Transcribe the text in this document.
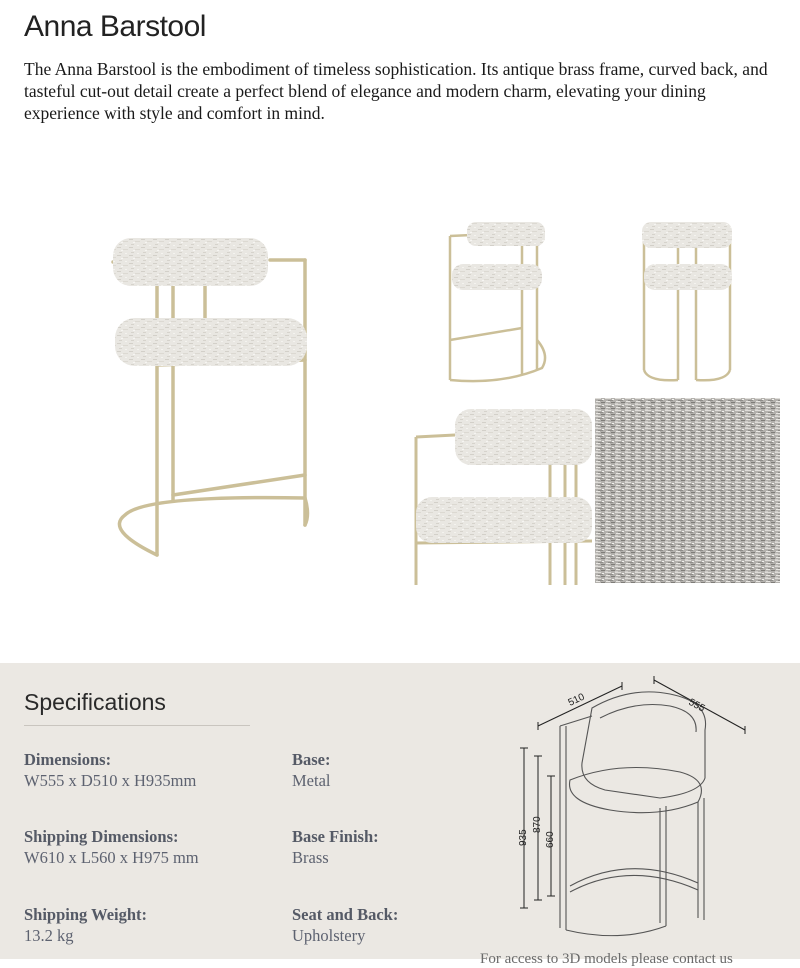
Anna Barstool

The Anna Barstool is the embodiment of timeless sophistication. Its antique brass frame, curved back, and tasteful cut-out detail create a perfect blend of elegance and modern charm, elevating your dining experience with style and comfort in mind.

Specifications
Dimensions:
W555 x D510 x H935mm
Base:
Metal
Shipping Dimensions:
W610 x L560 x H975 mm
Base Finish:
Brass
Shipping Weight:
13.2 kg
Seat and Back:
Upholstery
510	555
935
870
660
For access to 3D models please contact us
